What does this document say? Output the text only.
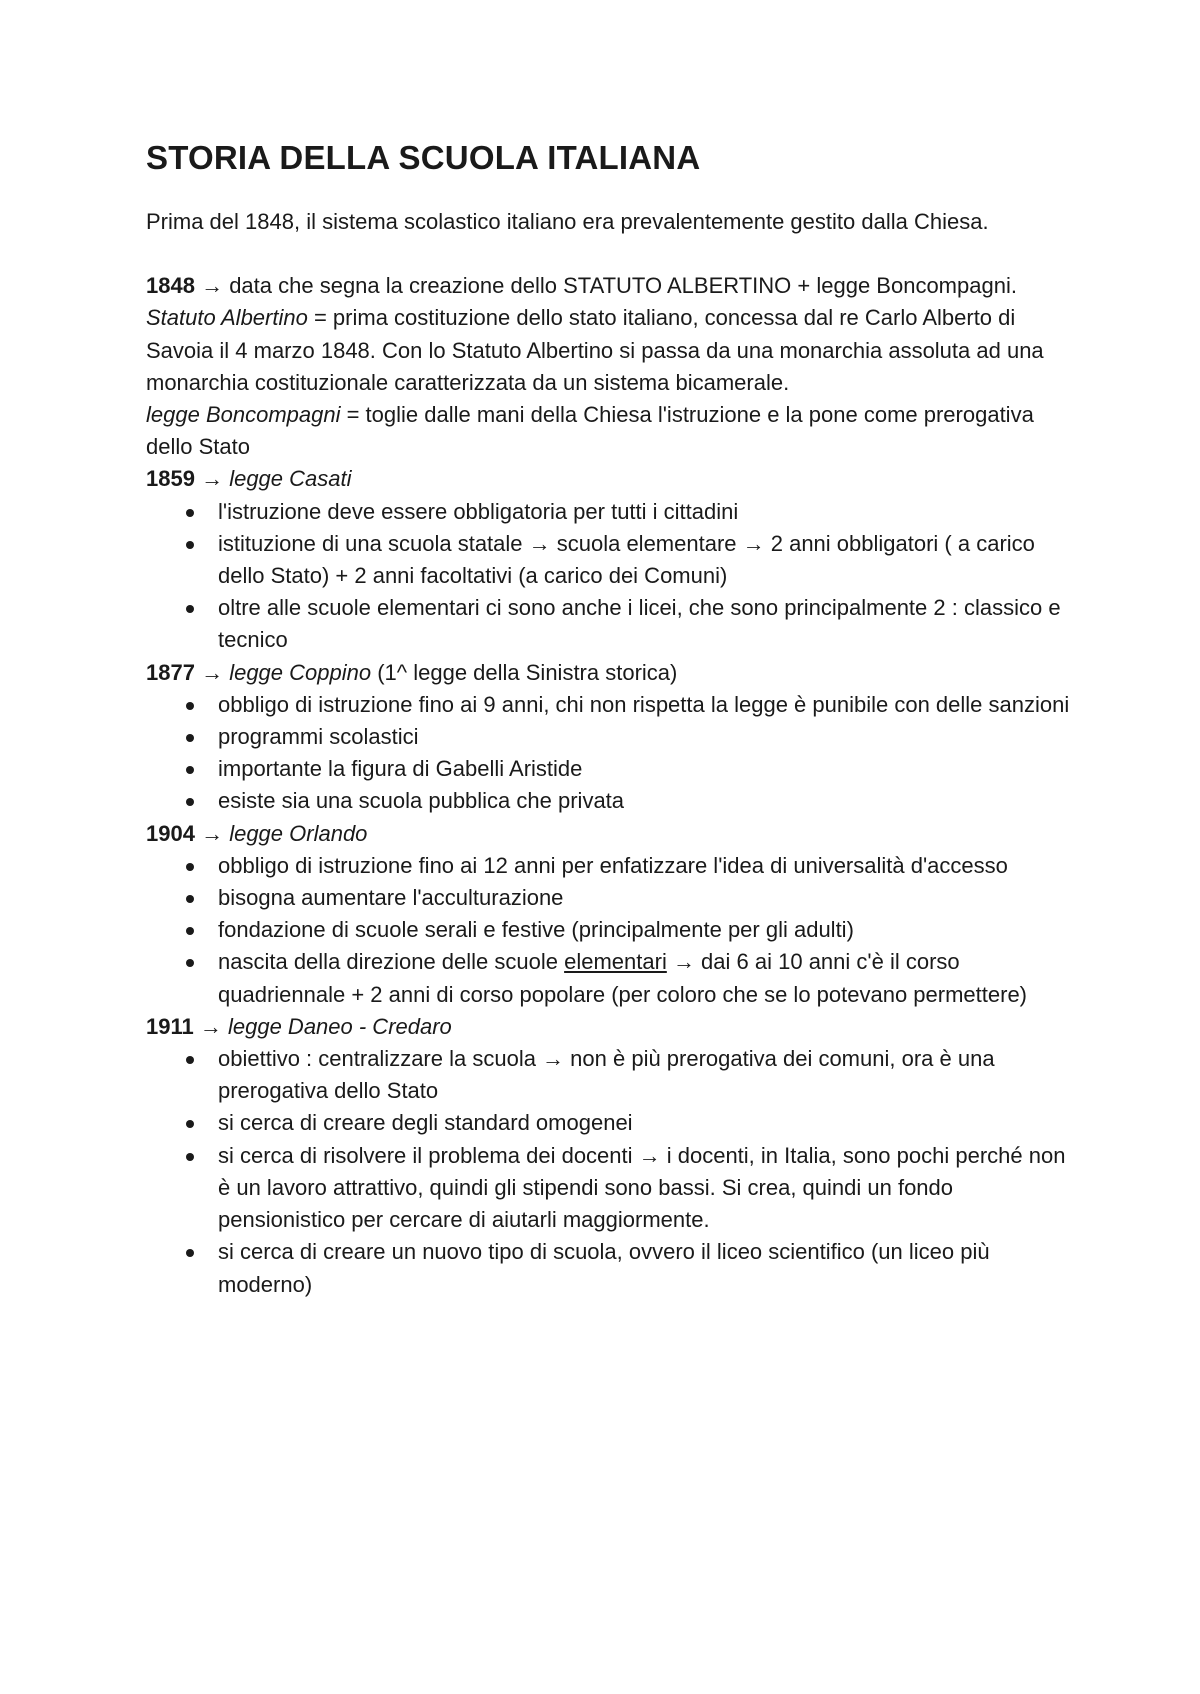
STORIA DELLA SCUOLA ITALIANA

Prima del 1848, il sistema scolastico italiano era prevalentemente gestito dalla Chiesa.

1848 → data che segna la creazione dello STATUTO ALBERTINO + legge Boncompagni.

Statuto Albertino = prima costituzione dello stato italiano, concessa dal re Carlo Alberto di Savoia il 4 marzo 1848. Con lo Statuto Albertino si passa da una monarchia assoluta ad una monarchia costituzionale caratterizzata da un sistema bicamerale.

legge Boncompagni = toglie dalle mani della Chiesa l'istruzione e la pone come prerogativa dello Stato

1859 → legge Casati

l'istruzione deve essere obbligatoria per tutti i cittadini
istituzione di una scuola statale → scuola elementare → 2 anni obbligatori ( a carico dello Stato) + 2 anni facoltativi (a carico dei Comuni)
oltre alle scuole elementari ci sono anche i licei, che sono principalmente 2 : classico e tecnico

1877 → legge Coppino (1^ legge della Sinistra storica)

obbligo di istruzione fino ai 9 anni, chi non rispetta la legge è punibile con delle sanzioni
programmi scolastici
importante la figura di Gabelli Aristide
esiste sia una scuola pubblica che privata

1904 → legge Orlando

obbligo di istruzione fino ai 12 anni per enfatizzare l'idea di universalità d'accesso
bisogna aumentare l'acculturazione
fondazione di scuole serali e festive (principalmente per gli adulti)
nascita della direzione delle scuole elementari → dai 6 ai 10 anni c'è il corso quadriennale + 2 anni di corso popolare (per coloro che se lo potevano permettere)

1911 → legge Daneo - Credaro

obiettivo : centralizzare la scuola → non è più prerogativa dei comuni, ora è una prerogativa dello Stato
si cerca di creare degli standard omogenei
si cerca di risolvere il problema dei docenti → i docenti, in Italia, sono pochi perché non è un lavoro attrattivo, quindi gli stipendi sono bassi. Si crea, quindi un fondo pensionistico per cercare di aiutarli maggiormente.
si cerca di creare un nuovo tipo di scuola, ovvero il liceo scientifico (un liceo più moderno)
